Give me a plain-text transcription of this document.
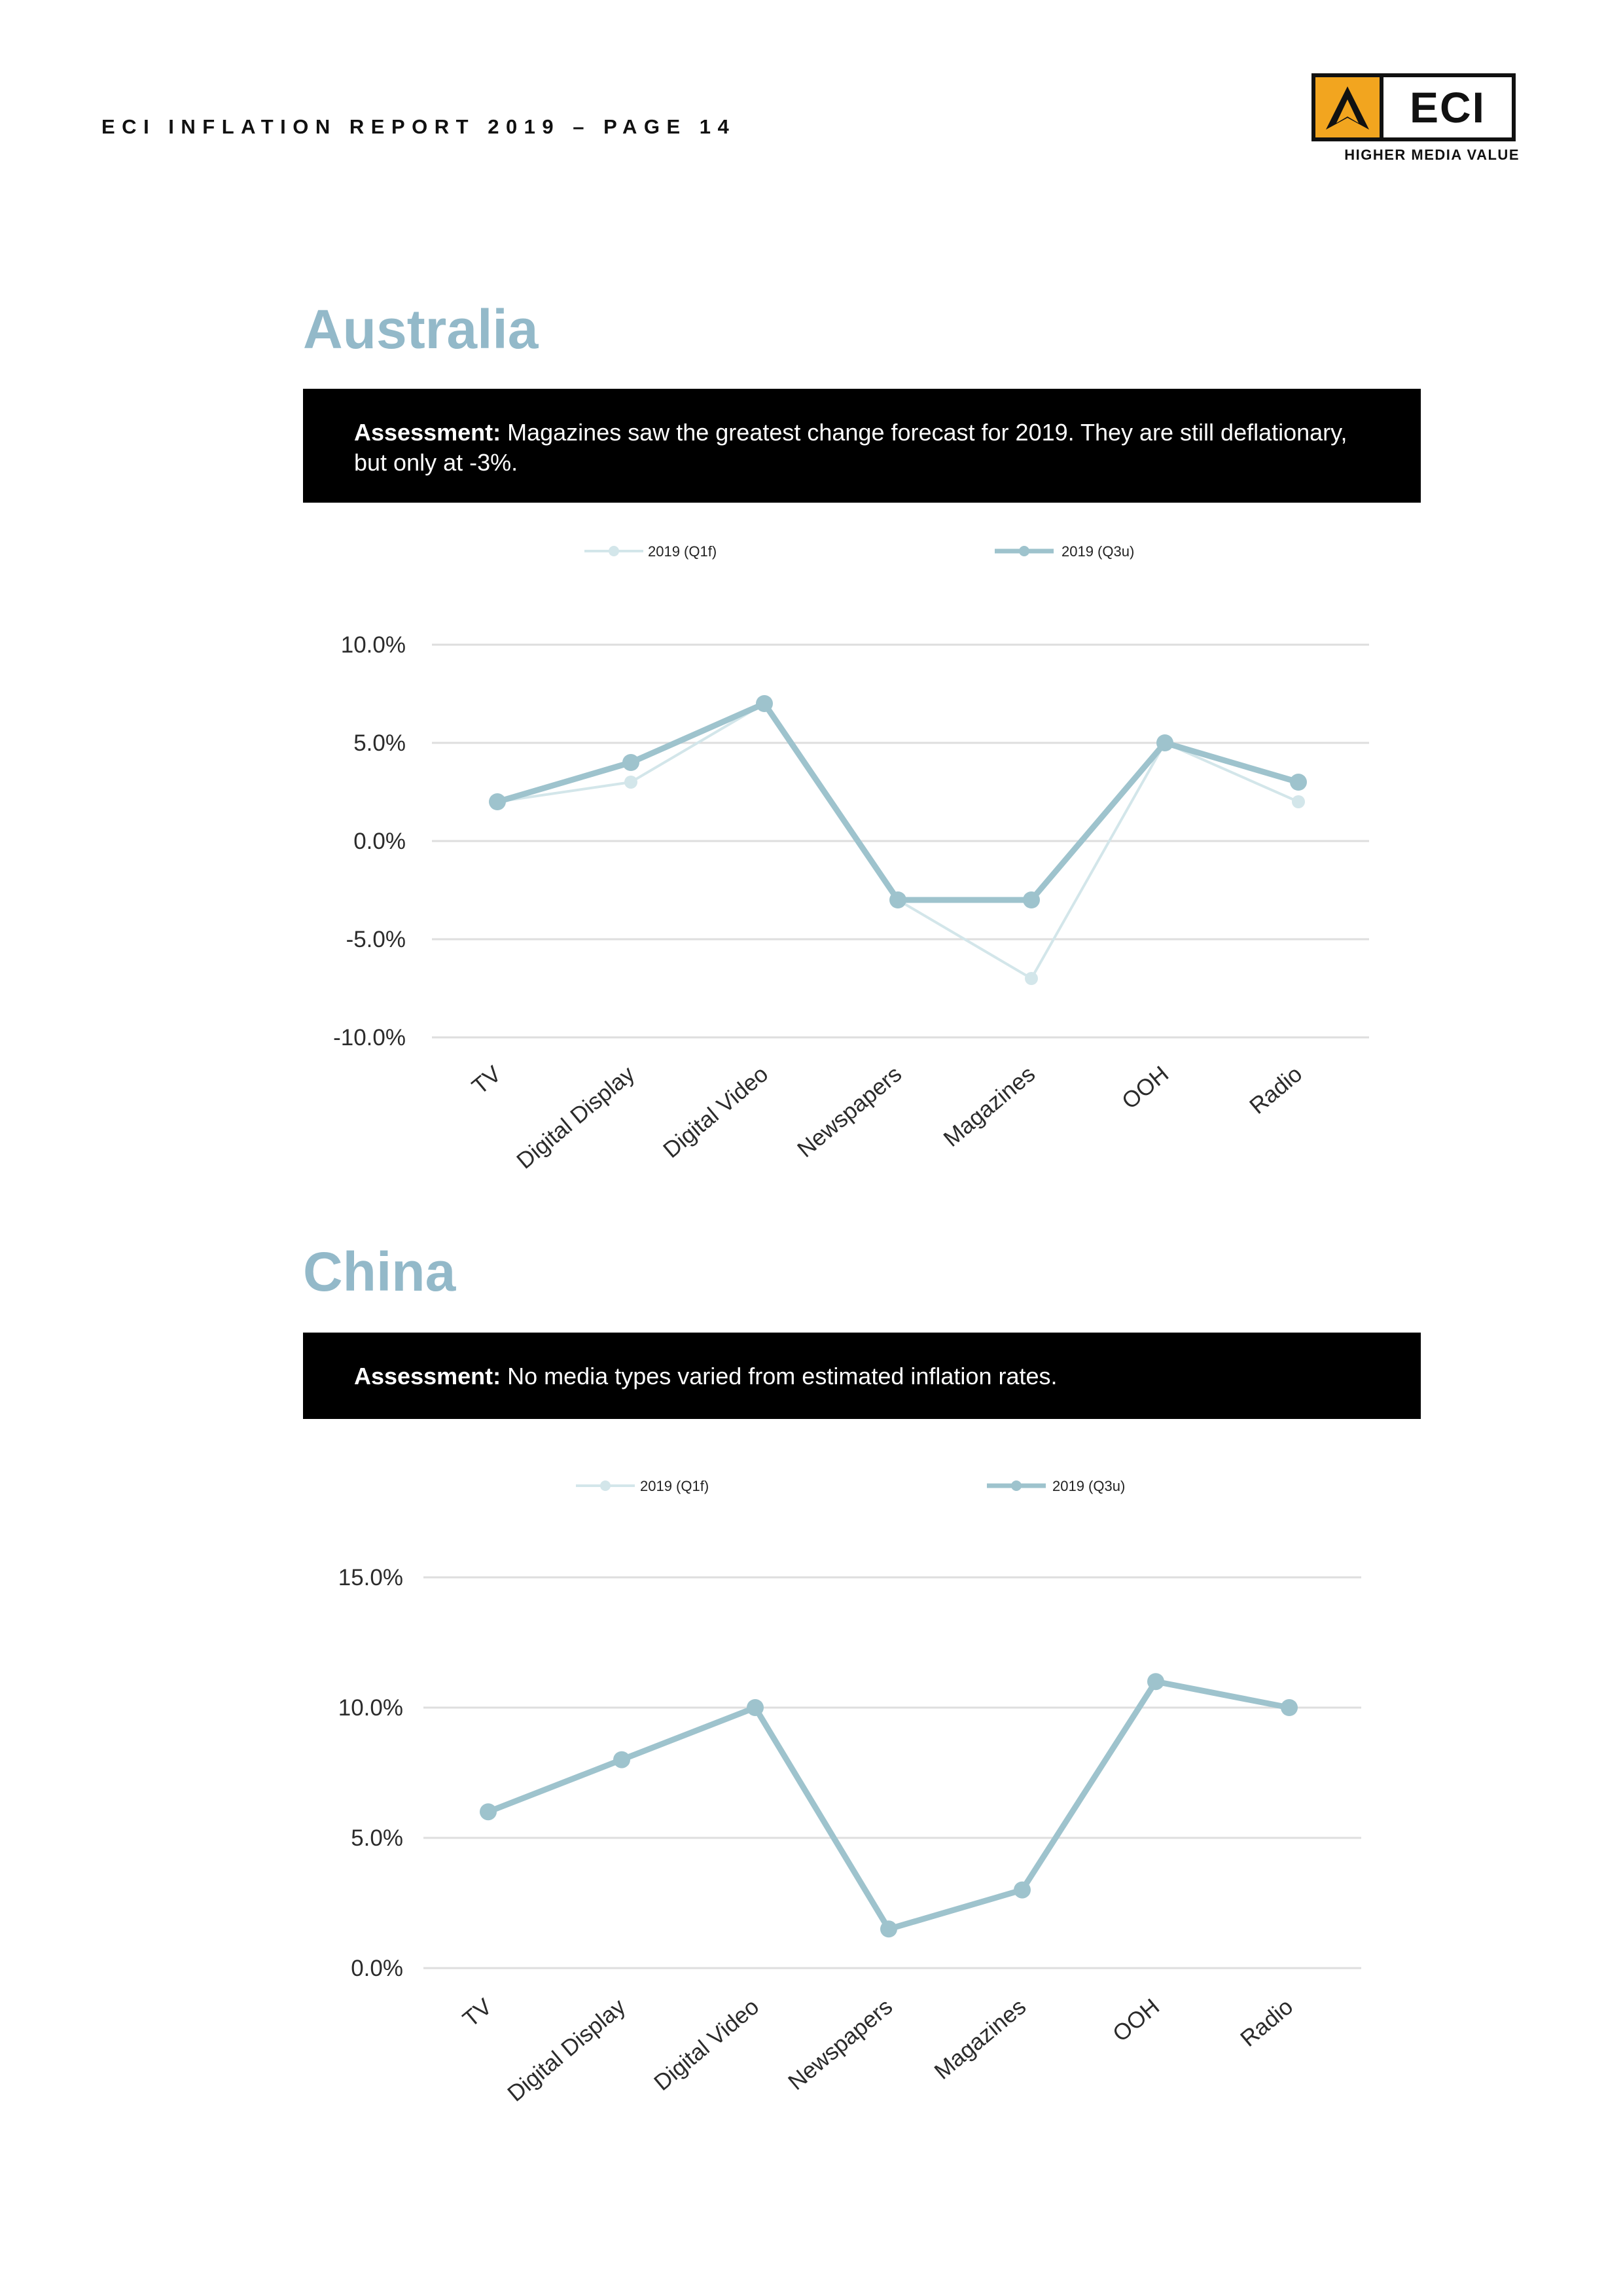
ECI INFLATION REPORT 2019 – PAGE 14	ECI
HIGHER MEDIA VALUE
Australia
Assessment: Magazines saw the greatest change forecast for 2019. They are still deflationary, but only at -3%.
2019 (Q1f)	2019 (Q3u)
10.0%
5.0%
0.0%
-5.0%
-10.0%
TV Digital Display Digital Video Newspapers Magazines	OOH	Radio
China
Assessment: No media types varied from estimated inflation rates.
2019 (Q1f)	2019 (Q3u)
15.0%
10.0%
5.0%
0.0%
TV Digital Display Digital Video Newspapers Magazines	OOH	Radio
